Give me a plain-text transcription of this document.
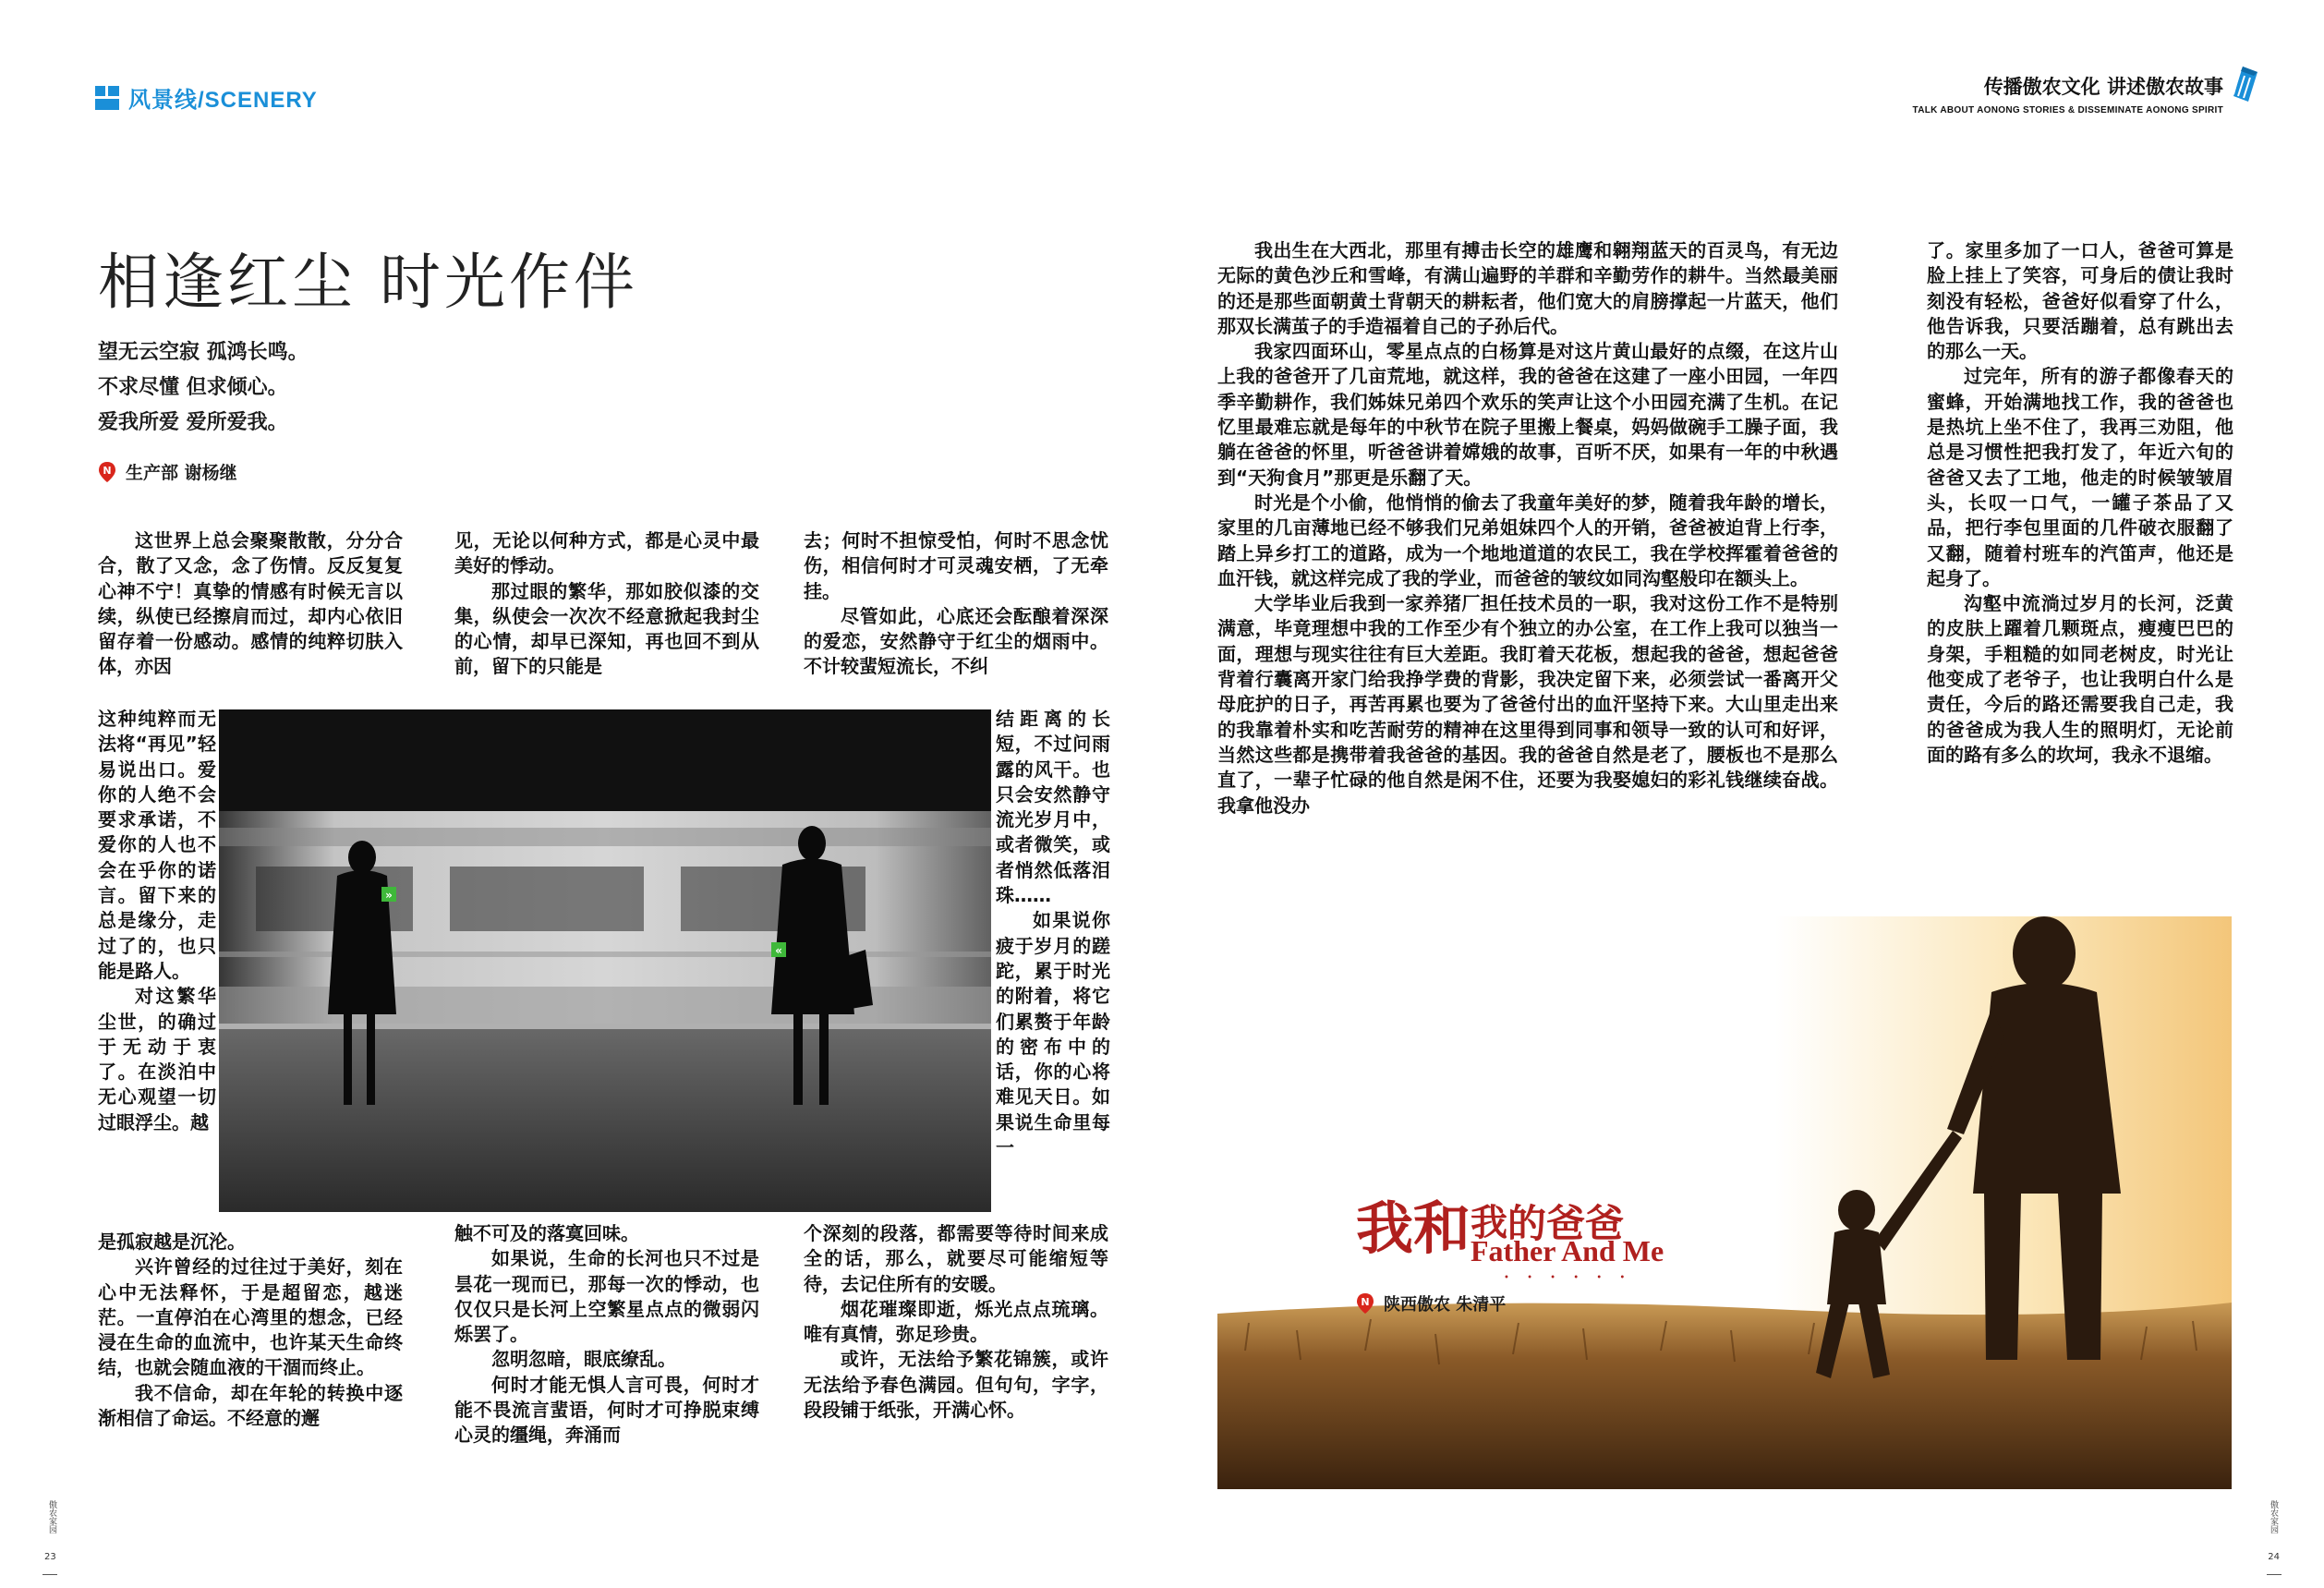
风景线/SCENERY
传播傲农文化 讲述傲农故事
TALK ABOUT AONONG STORIES & DISSEMINATE AONONG SPIRIT
相逢红尘 时光作伴
望无云空寂 孤鸿长鸣。
不求尽懂 但求倾心。
爱我所爱 爱所爱我。
N 生产部 谢杨继

这世界上总会聚聚散散，分分合合，散了又念，念了伤情。反反复复心神不宁！真挚的情感有时候无言以续，纵使已经擦肩而过，却内心依旧留存着一份感动。感情的纯粹切肤入体，亦因

这种纯粹而无法将“再见”轻易说出口。爱你的人绝不会要求承诺，不爱你的人也不会在乎你的诺言。留下来的总是缘分，走过了的，也只能是路人。

对这繁华尘世，的确过于无动于衷了。在淡泊中无心观望一切过眼浮尘。越

是孤寂越是沉沦。

兴许曾经的过往过于美好，刻在心中无法释怀，于是超留恋，越迷茫。一直停泊在心湾里的想念，已经浸在生命的血流中，也许某天生命终结，也就会随血液的干涸而终止。

我不信命，却在年轮的转换中逐渐相信了命运。不经意的邂

见，无论以何种方式，都是心灵中最美好的悸动。

那过眼的繁华，那如胶似漆的交集，纵使会一次次不经意掀起我封尘的心情，却早已深知，再也回不到从前，留下的只能是

触不可及的落寞回味。

如果说，生命的长河也只不过是昙花一现而已，那每一次的悸动，也仅仅只是长河上空繁星点点的微弱闪烁罢了。

忽明忽暗，眼底缭乱。

何时才能无惧人言可畏，何时才能不畏流言蜚语，何时才可挣脱束缚心灵的缰绳，奔涌而

去；何时不担惊受怕，何时不思念忧伤，相信何时才可灵魂安栖，了无牵挂。

尽管如此，心底还会酝酿着深深的爱恋，安然静守于红尘的烟雨中。不计较蜚短流长，不纠

结距离的长短，不过问雨露的风干。也只会安然静守流光岁月中，或者微笑，或者悄然低落泪珠……

如果说你疲于岁月的蹉跎，累于时光的附着，将它们累赘于年龄的密布中的话，你的心将难见天日。如果说生命里每一

个深刻的段落，都需要等待时间来成全的话，那么，就要尽可能缩短等待，去记住所有的安暖。

烟花璀璨即逝，烁光点点琉璃。唯有真情，弥足珍贵。

或许，无法给予繁花锦簇，或许无法给予春色满园。但句句，字字，段段铺于纸张，开满心怀。

»
«

我出生在大西北，那里有搏击长空的雄鹰和翱翔蓝天的百灵鸟，有无边无际的黄色沙丘和雪峰，有满山遍野的羊群和辛勤劳作的耕牛。当然最美丽的还是那些面朝黄土背朝天的耕耘者，他们宽大的肩膀撑起一片蓝天，他们那双长满茧子的手造福着自己的子孙后代。

我家四面环山，零星点点的白杨算是对这片黄山最好的点缀，在这片山上我的爸爸开了几亩荒地，就这样，我的爸爸在这建了一座小田园，一年四季辛勤耕作，我们姊妹兄弟四个欢乐的笑声让这个小田园充满了生机。在记忆里最难忘就是每年的中秋节在院子里搬上餐桌，妈妈做碗手工臊子面，我躺在爸爸的怀里，听爸爸讲着嫦娥的故事，百听不厌，如果有一年的中秋遇到“天狗食月”那更是乐翻了天。

时光是个小偷，他悄悄的偷去了我童年美好的梦，随着我年龄的增长，家里的几亩薄地已经不够我们兄弟姐妹四个人的开销，爸爸被迫背上行李，踏上异乡打工的道路，成为一个地地道道的农民工，我在学校挥霍着爸爸的血汗钱，就这样完成了我的学业，而爸爸的皱纹如同沟壑般印在额头上。

大学毕业后我到一家养猪厂担任技术员的一职，我对这份工作不是特别满意，毕竟理想中我的工作至少有个独立的办公室，在工作上我可以独当一面，理想与现实往往有巨大差距。我盯着天花板，想起我的爸爸，想起爸爸背着行囊离开家门给我挣学费的背影，我决定留下来，必须尝试一番离开父母庇护的日子，再苦再累也要为了爸爸付出的血汗坚持下来。大山里走出来的我靠着朴实和吃苦耐劳的精神在这里得到同事和领导一致的认可和好评，当然这些都是携带着我爸爸的基因。我的爸爸自然是老了，腰板也不是那么直了，一辈子忙碌的他自然是闲不住，还要为我娶媳妇的彩礼钱继续奋战。我拿他没办

了。家里多加了一口人，爸爸可算是脸上挂上了笑容，可身后的债让我时刻没有轻松，爸爸好似看穿了什么，他告诉我，只要活蹦着，总有跳出去的那么一天。

过完年，所有的游子都像春天的蜜蜂，开始满地找工作，我的爸爸也是热坑上坐不住了，我再三劝阻，他总是习惯性把我打发了，年近六旬的爸爸又去了工地，他走的时候皱皱眉头，长叹一口气，一罐子茶品了又品，把行李包里面的几件破衣服翻了又翻，随着村班车的汽笛声，他还是起身了。

沟壑中流淌过岁月的长河，泛黄的皮肤上躍着几颗斑点，瘦瘦巴巴的身架，手粗糙的如同老树皮，时光让他变成了老爷子，也让我明白什么是责任，今后的路还需要我自己走，我的爸爸成为我人生的照明灯，无论前面的路有多么的坎坷，我永不退缩。

我和我的爸爸
Father And Me
• • • • • •
N 陕西傲农 朱清平
傲农家园
23
傲农家园
24
